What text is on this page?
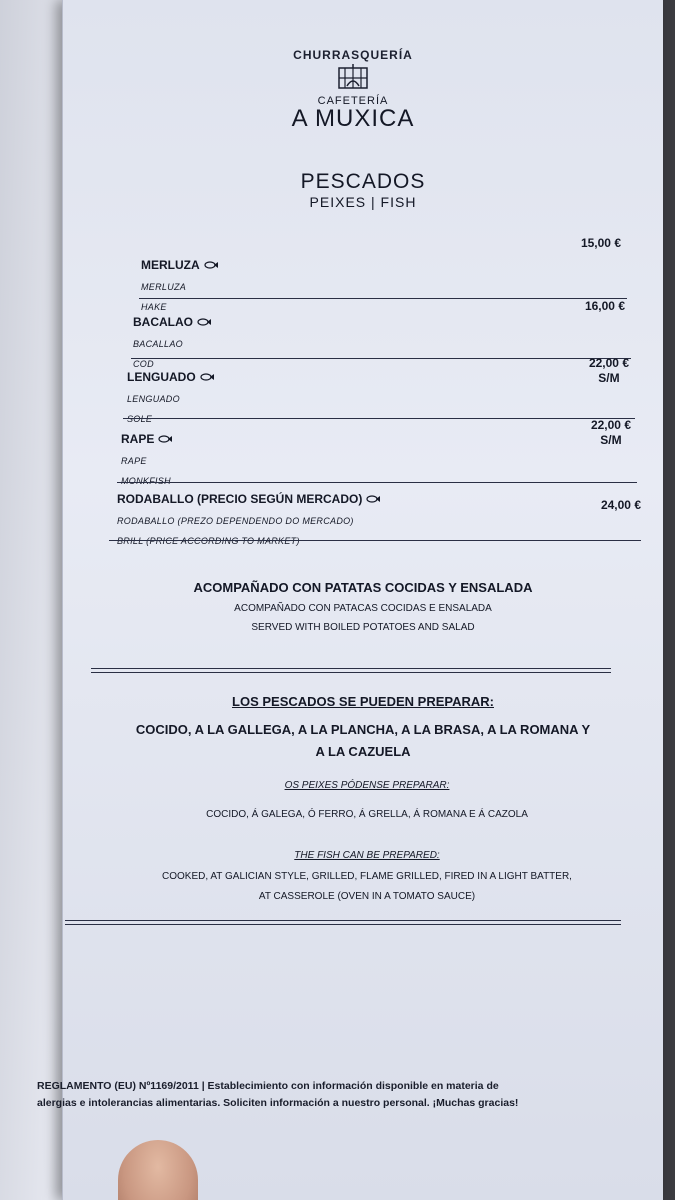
CHURRASQUERÍA
CAFETERÍA
A MUXICA
PESCADOS
PEIXES | FISH
MERLUZA
MERLUZA
HAKE
15,00 €
BACALAO
BACALLAO
COD
16,00 €
LENGUADO
LENGUADO
SOLE
22,00 €
S/M
RAPE
RAPE
MONKFISH
22,00 €
S/M
RODABALLO (PRECIO SEGÚN MERCADO)
RODABALLO (PREZO DEPENDENDO DO MERCADO)
BRILL (PRICE ACCORDING TO MARKET)
24,00 €
ACOMPAÑADO CON PATATAS COCIDAS Y ENSALADA
ACOMPAÑADO CON PATACAS COCIDAS E ENSALADA
SERVED WITH BOILED POTATOES AND SALAD
LOS PESCADOS SE PUEDEN PREPARAR:
COCIDO, A LA GALLEGA, A LA PLANCHA, A LA BRASA, A LA ROMANA Y
A LA CAZUELA
OS PEIXES PÓDENSE PREPARAR:
COCIDO, Á GALEGA, Ó FERRO, Á GRELLA, Á ROMANA E Á CAZOLA
THE FISH CAN BE PREPARED:
COOKED, AT GALICIAN STYLE, GRILLED, FLAME GRILLED, FIRED IN A LIGHT BATTER,
AT CASSEROLE (OVEN IN A TOMATO SAUCE)
REGLAMENTO (EU) Nº1169/2011 | Establecimiento con información disponible en materia de
alergias e intolerancias alimentarias. Soliciten información a nuestro personal. ¡Muchas gracias!
